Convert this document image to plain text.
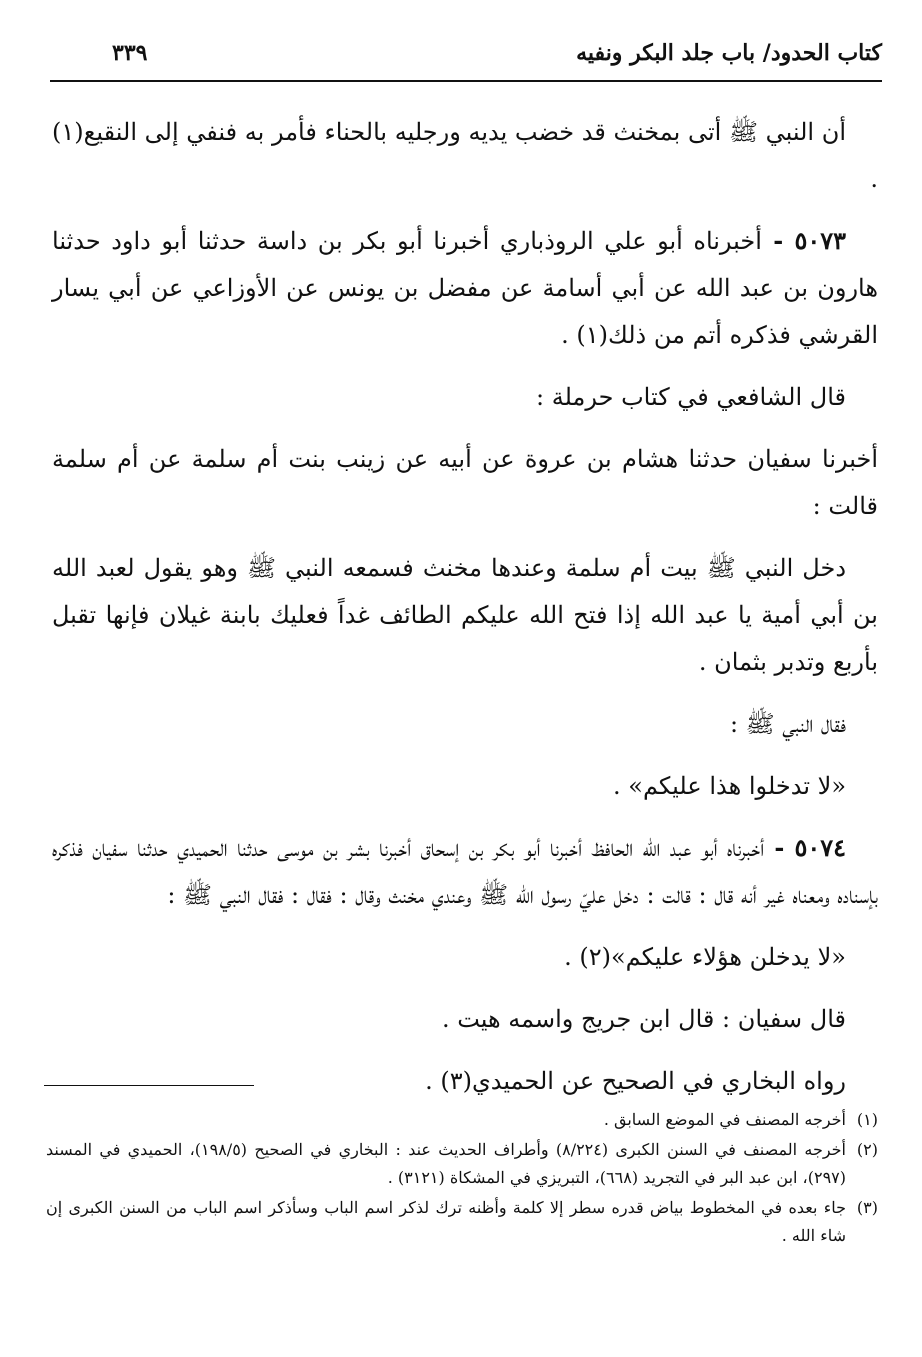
كتاب الحدود/ باب جلد البكر ونفيه
٣٣٩

أن النبي ﷺ أتى بمخنث قد خضب يديه ورجليه بالحناء فأمر به فنفي إلى النقيع(١) .

٥٠٧٣ - أخبرناه أبو علي الروذباري أخبرنا أبو بكر بن داسة حدثنا أبو داود حدثنا هارون بن عبد الله عن أبي أسامة عن مفضل بن يونس عن الأوزاعي عن أبي يسار القرشي فذكره أتم من ذلك(١) .

قال الشافعي في كتاب حرملة :

أخبرنا سفيان حدثنا هشام بن عروة عن أبيه عن زينب بنت أم سلمة عن أم سلمة قالت :

دخل النبي ﷺ بيت أم سلمة وعندها مخنث فسمعه النبي ﷺ وهو يقول لعبد الله بن أبي أمية يا عبد الله إذا فتح الله عليكم الطائف غداً فعليك بابنة غيلان فإنها تقبل بأربع وتدبر بثمان .

فقال النبي ﷺ :

«لا تدخلوا هذا عليكم» .

٥٠٧٤ - أخبرناه أبو عبد الله الحافظ أخبرنا أبو بكر بن إسحاق أخبرنا بشر بن موسى حدثنا الحميدي حدثنا سفيان فذكره بإسناده ومعناه غير أنه قال : قالت : دخل عليّ رسول الله ﷺ وعندي مخنث وقال : فقال : فقال النبي ﷺ :

«لا يدخلن هؤلاء عليكم»(٢) .

قال سفيان : قال ابن جريج واسمه هيت .

رواه البخاري في الصحيح عن الحميدي(٣) .

(١)
أخرجه المصنف في الموضع السابق .
(٢)
أخرجه المصنف في السنن الكبرى (٨/٢٢٤) وأطراف الحديث عند : البخاري في الصحيح (١٩٨/٥)، الحميدي في المسند (٢٩٧)، ابن عبد البر في التجريد (٦٦٨)، التبريزي في المشكاة (٣١٢١) .
(٣)
جاء بعده في المخطوط بياض قدره سطر إلا كلمة وأظنه ترك لذكر اسم الباب وسأذكر اسم الباب من السنن الكبرى إن شاء الله .
